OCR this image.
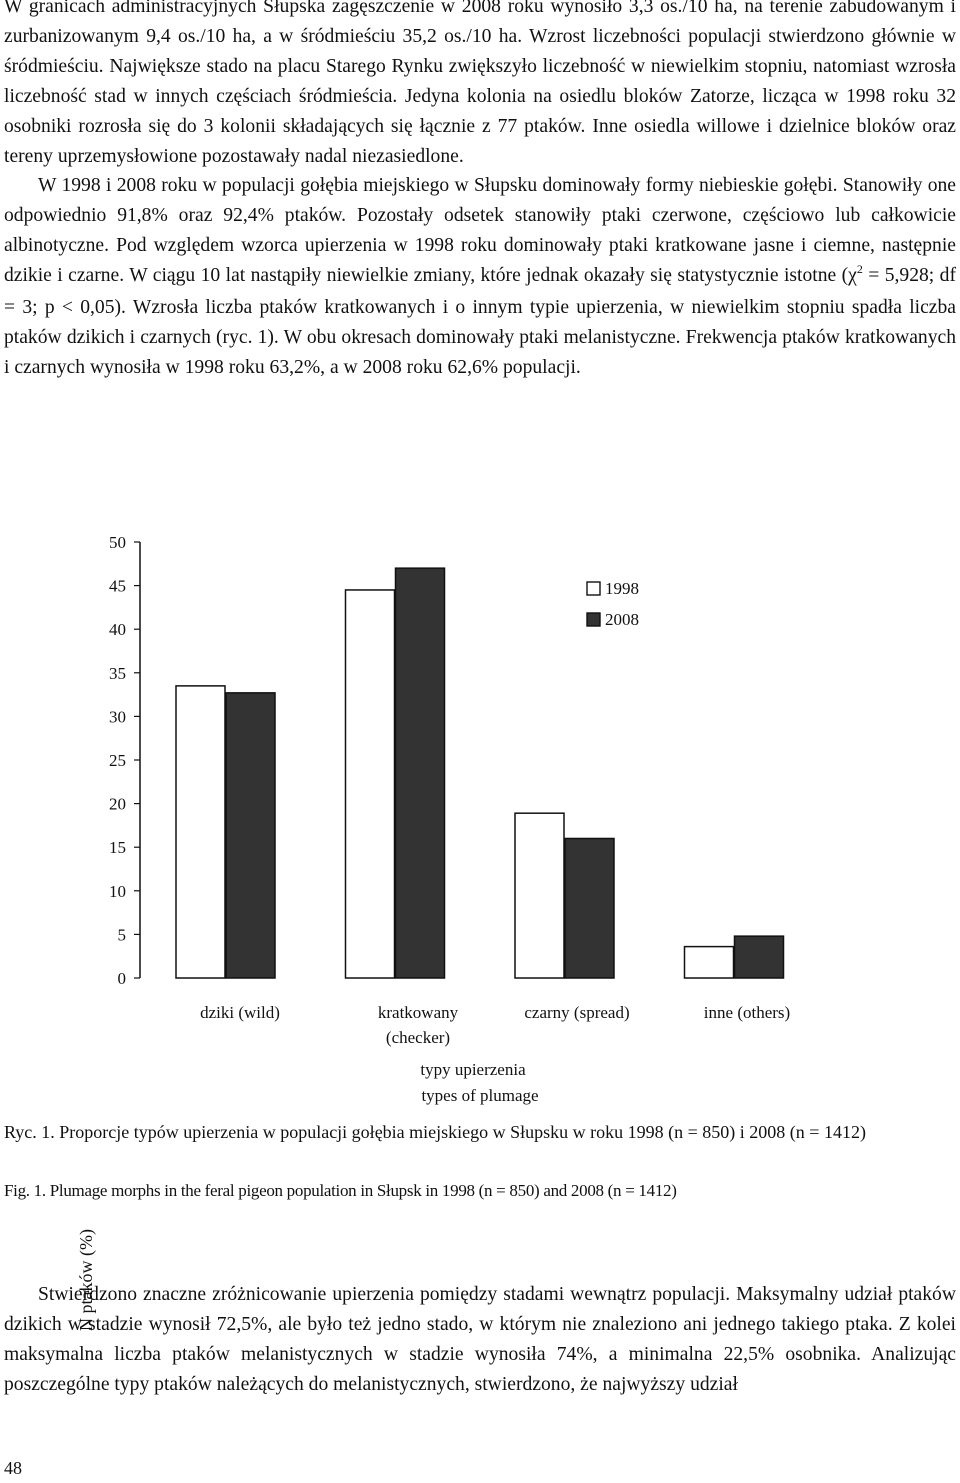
W granicach administracyjnych Słupska zagęszczenie w 2008 roku wynosiło 3,3 os./10 ha, na terenie zabudowanym i zurbanizowanym 9,4 os./10 ha, a w śródmieściu 35,2 os./10 ha. Wzrost liczebności populacji stwierdzono głównie w śródmieściu. Największe stado na placu Starego Rynku zwiększyło liczebność w niewielkim stopniu, natomiast wzrosła liczebność stad w innych częściach śródmieścia. Jedyna kolonia na osiedlu bloków Zatorze, licząca w 1998 roku 32 osobniki rozrosła się do 3 kolonii składających się łącznie z 77 ptaków. Inne osiedla willowe i dzielnice bloków oraz tereny uprzemysłowione pozostawały nadal niezasiedlone.

W 1998 i 2008 roku w populacji gołębia miejskiego w Słupsku dominowały formy niebieskie gołębi. Stanowiły one odpowiednio 91,8% oraz 92,4% ptaków. Pozostały odsetek stanowiły ptaki czerwone, częściowo lub całkowicie albinotyczne. Pod względem wzorca upierzenia w 1998 roku dominowały ptaki kratkowane jasne i ciemne, następnie dzikie i czarne. W ciągu 10 lat nastąpiły niewielkie zmiany, które jednak okazały się statystycznie istotne ($\chi^2 = 5,928$; df = 3; p < 0,05). Wzrosła liczba ptaków kratkowanych i o innym typie upierzenia, w niewielkim stopniu spadła liczba ptaków dzikich i czarnych (ryc. 1). W obu okresach dominowały ptaki melanistyczne. Frekwencja ptaków kratkowanych i czarnych wynosiła w 1998 roku 63,2%, a w 2008 roku 62,6% populacji.

0
5
10
15
20
25
30
35
40
45
50
dziki (wild)	kratkowany
(checker)
czarny (spread)	inne (others)
1998
2008
N ptaków (%)
typy upierzenia
types of plumage

Ryc. 1. Proporcje typów upierzenia w populacji gołębia miejskiego w Słupsku w roku 1998 (n = 850) i 2008 (n = 1412)

Fig. 1. Plumage morphs in the feral pigeon population in Słupsk in 1998 (n = 850) and 2008 (n = 1412)

Stwierdzono znaczne zróżnicowanie upierzenia pomiędzy stadami wewnątrz populacji. Maksymalny udział ptaków dzikich w stadzie wynosił 72,5%, ale było też jedno stado, w którym nie znaleziono ani jednego takiego ptaka. Z kolei maksymalna liczba ptaków melanistycznych w stadzie wynosiła 74%, a minimalna 22,5% osobnika. Analizując poszczególne typy ptaków należących do melanistycznych, stwierdzono, że najwyższy udział

48
